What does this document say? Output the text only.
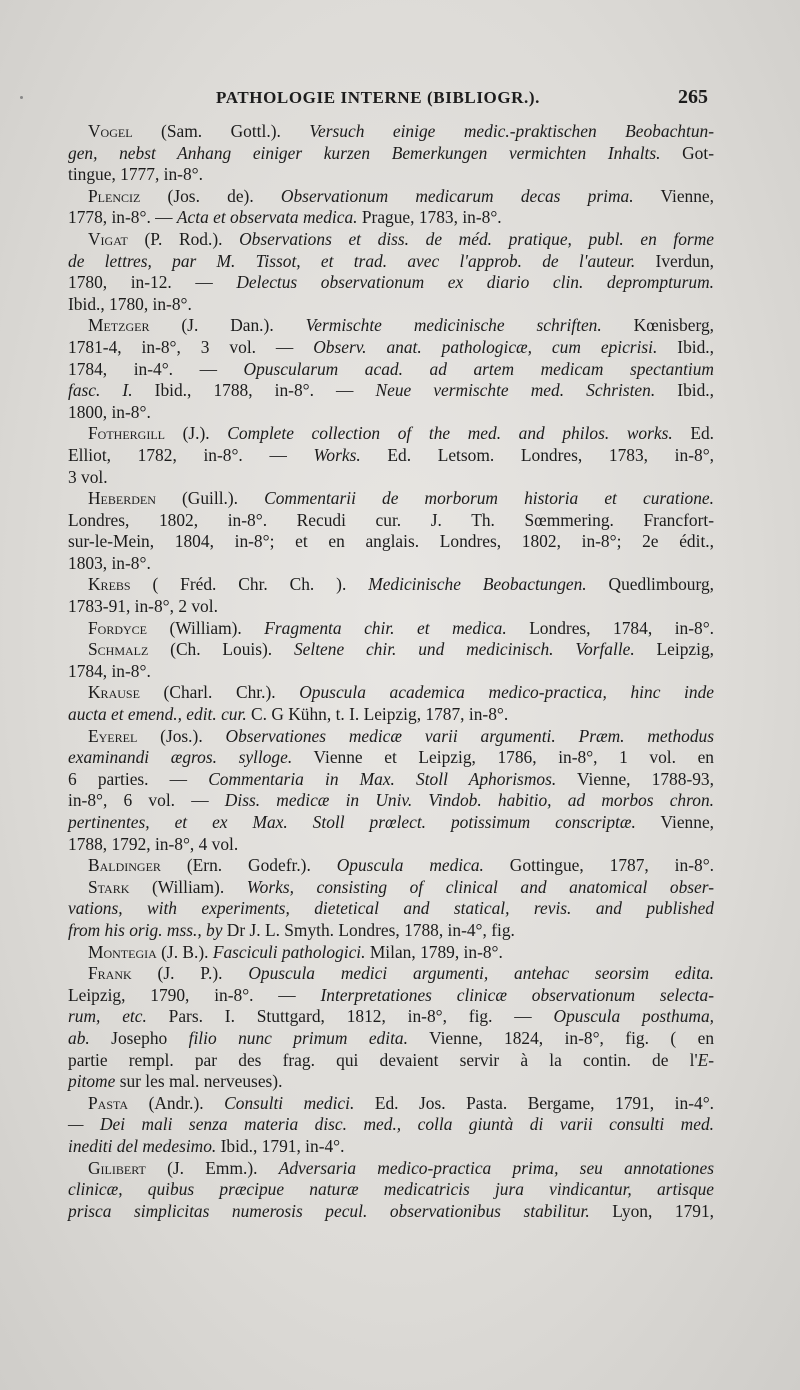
PATHOLOGIE INTERNE (BIBLIOGR.).	265
Vogel (Sam. Gottl.). Versuch einige medic.-praktischen Beobachtun-
gen, nebst Anhang einiger kurzen Bemerkungen vermichten Inhalts. Got-
tingue, 1777, in-8°.
Plenciz (Jos. de). Observationum medicarum decas prima. Vienne,
1778, in-8°. — Acta et observata medica. Prague, 1783, in-8°.
Vigat (P. Rod.). Observations et diss. de méd. pratique, publ. en forme
de lettres, par M. Tissot, et trad. avec l'approb. de l'auteur. Iverdun,
1780, in-12. — Delectus observationum ex diario clin. deprompturum.
Ibid., 1780, in-8°.
Metzger (J. Dan.). Vermischte medicinische schriften. Kœnisberg,
1781-4, in-8°, 3 vol. — Observ. anat. pathologicæ, cum epicrisi. Ibid.,
1784, in-4°. — Opuscularum acad. ad artem medicam spectantium
fasc. I. Ibid., 1788, in-8°. — Neue vermischte med. Schristen. Ibid.,
1800, in-8°.
Fothergill (J.). Complete collection of the med. and philos. works. Ed.
Elliot, 1782, in-8°. — Works. Ed. Letsom. Londres, 1783, in-8°,
3 vol.
Heberden (Guill.). Commentarii de morborum historia et curatione.
Londres, 1802, in-8°. Recudi cur. J. Th. Sœmmering. Francfort-
sur-le-Mein, 1804, in-8°; et en anglais. Londres, 1802, in-8°; 2e édit.,
1803, in-8°.
Krebs ( Fréd. Chr. Ch. ). Medicinische Beobactungen. Quedlimbourg,
1783-91, in-8°, 2 vol.
Fordyce (William). Fragmenta chir. et medica. Londres, 1784, in-8°.
Schmalz (Ch. Louis). Seltene chir. und medicinisch. Vorfalle. Leipzig,
1784, in-8°.
Krause (Charl. Chr.). Opuscula academica medico-practica, hinc inde
aucta et emend., edit. cur. C. G Kühn, t. I. Leipzig, 1787, in-8°.
Eyerel (Jos.). Observationes medicæ varii argumenti. Præm. methodus
examinandi ægros. sylloge. Vienne et Leipzig, 1786, in-8°, 1 vol. en
6 parties. — Commentaria in Max. Stoll Aphorismos. Vienne, 1788-93,
in-8°, 6 vol. — Diss. medicæ in Univ. Vindob. habitio, ad morbos chron.
pertinentes, et ex Max. Stoll prœlect. potissimum conscriptæ. Vienne,
1788, 1792, in-8°, 4 vol.
Baldinger (Ern. Godefr.). Opuscula medica. Gottingue, 1787, in-8°.
Stark (William). Works, consisting of clinical and anatomical obser-
vations, with experiments, dietetical and statical, revis. and published
from his orig. mss., by Dr J. L. Smyth. Londres, 1788, in-4°, fig.
Montegia (J. B.). Fasciculi pathologici. Milan, 1789, in-8°.
Frank (J. P.). Opuscula medici argumenti, antehac seorsim edita.
Leipzig, 1790, in-8°. — Interpretationes clinicæ observationum selecta-
rum, etc. Pars. I. Stuttgard, 1812, in-8°, fig. — Opuscula posthuma,
ab. Josepho filio nunc primum edita. Vienne, 1824, in-8°, fig. ( en
partie rempl. par des frag. qui devaient servir à la contin. de l'E-
pitome sur les mal. nerveuses).
Pasta (Andr.). Consulti medici. Ed. Jos. Pasta. Bergame, 1791, in-4°.
— Dei mali senza materia disc. med., colla giuntà di varii consulti med.
inediti del medesimo. Ibid., 1791, in-4°.
Gilibert (J. Emm.). Adversaria medico-practica prima, seu annotationes
clinicæ, quibus præcipue naturæ medicatricis jura vindicantur, artisque
prisca simplicitas numerosis pecul. observationibus stabilitur. Lyon, 1791,
